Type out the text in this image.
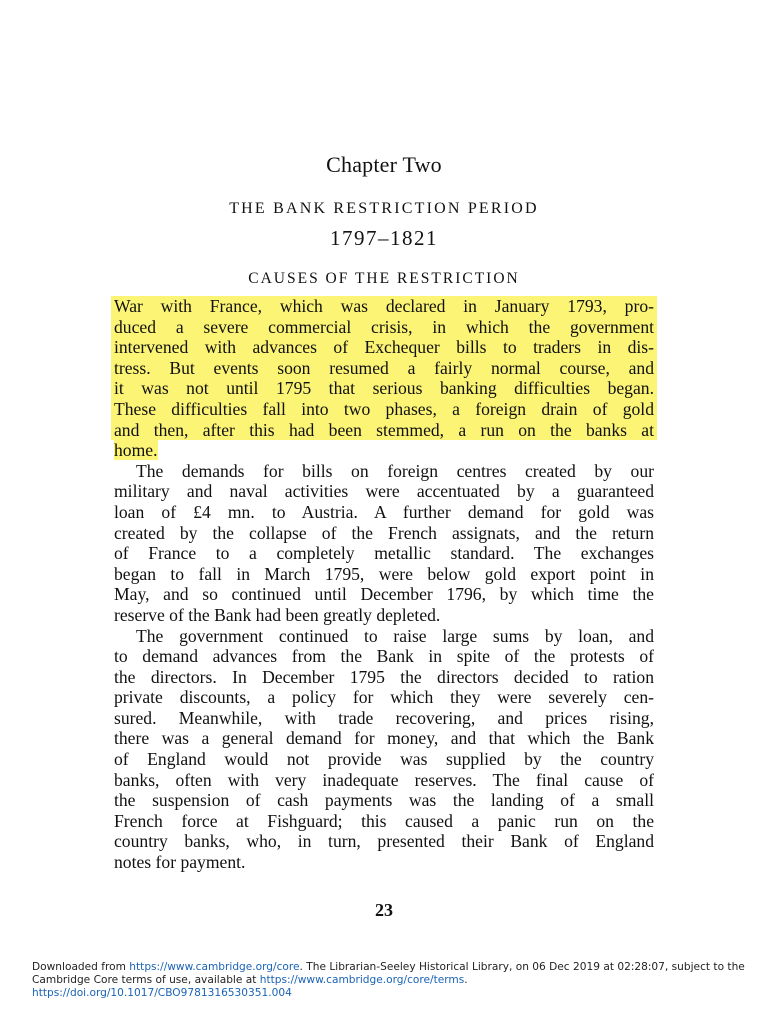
Chapter Two
THE BANK RESTRICTION PERIOD
1797–1821
CAUSES OF THE RESTRICTION
War with France, which was declared in January 1793, pro-
duced a severe commercial crisis, in which the government
intervened with advances of Exchequer bills to traders in dis-
tress. But events soon resumed a fairly normal course, and
it was not until 1795 that serious banking difficulties began.
These difficulties fall into two phases, a foreign drain of gold
and then, after this had been stemmed, a run on the banks at
home.
The demands for bills on foreign centres created by our
military and naval activities were accentuated by a guaranteed
loan of £4 mn. to Austria. A further demand for gold was
created by the collapse of the French assignats, and the return
of France to a completely metallic standard. The exchanges
began to fall in March 1795, were below gold export point in
May, and so continued until December 1796, by which time the
reserve of the Bank had been greatly depleted.
The government continued to raise large sums by loan, and
to demand advances from the Bank in spite of the protests of
the directors. In December 1795 the directors decided to ration
private discounts, a policy for which they were severely cen-
sured. Meanwhile, with trade recovering, and prices rising,
there was a general demand for money, and that which the Bank
of England would not provide was supplied by the country
banks, often with very inadequate reserves. The final cause of
the suspension of cash payments was the landing of a small
French force at Fishguard; this caused a panic run on the
country banks, who, in turn, presented their Bank of England
notes for payment.
23
Downloaded from https://www.cambridge.org/core. The Librarian-Seeley Historical Library, on 06 Dec 2019 at 02:28:07, subject to the Cambridge Core terms of use, available at https://www.cambridge.org/core/terms.
https://doi.org/10.1017/CBO9781316530351.004
